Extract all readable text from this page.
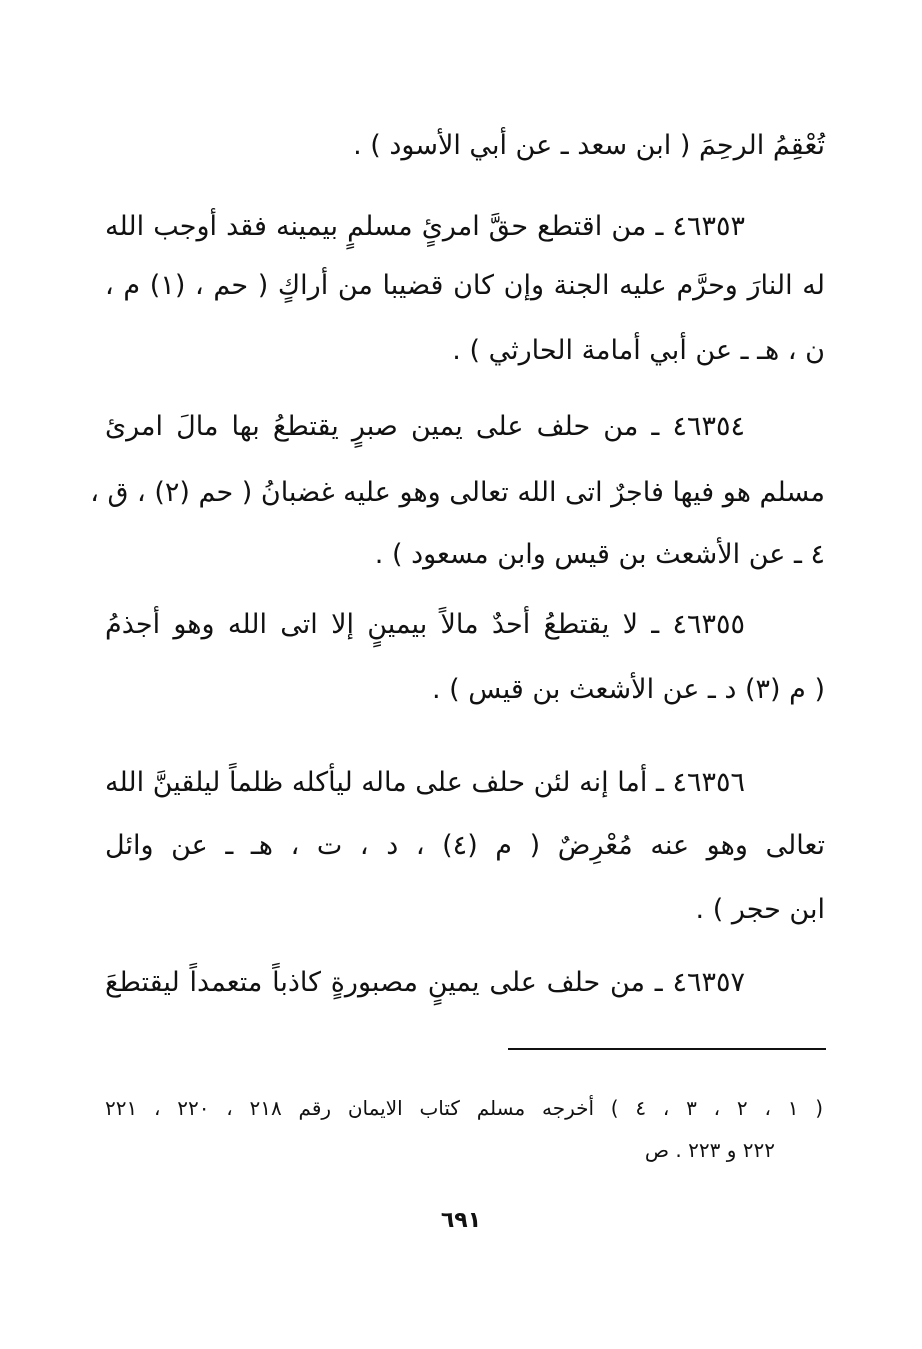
تُعْقِمُ الرحِمَ ( ابن سعد ـ عن أبي الأسود ) .
٤٦٣٥٣ ـ من اقتطع حقَّ امرئٍ مسلمٍ بيمينه فقد أوجب الله
له النارَ وحرَّم عليه الجنة وإن كان قضيبا من أراكٍ ( حم ، (١) م ،
ن ، هـ ـ عن أبي أمامة الحارثي ) .
٤٦٣٥٤ ـ من حلف على يمين صبرٍ يقتطعُ بها مالَ امرئ
مسلم هو فيها فاجرٌ اتى الله تعالى وهو عليه غضبانُ ( حم (٢) ، ق ،
٤ ـ عن الأشعث بن قيس وابن مسعود ) .
٤٦٣٥٥ ـ لا يقتطعُ أحدٌ مالاً بيمينٍ إلا اتى الله وهو أجذمُ
( م (٣) د ـ عن الأشعث بن قيس ) .
٤٦٣٥٦ ـ أما إنه لئن حلف على ماله ليأكله ظلماً ليلقينَّ الله
تعالى وهو عنه مُعْرِضٌ ( م (٤) ، د ، ت ، هـ ـ عن وائل
ابن حجر ) .
٤٦٣٥٧ ـ من حلف على يمينٍ مصبورةٍ كاذباً متعمداً ليقتطعَ
( ١ ، ٢ ، ٣ ، ٤ ) أخرجه مسلم كتاب الايمان رقم ٢١٨ ، ٢٢٠ ، ٢٢١
٢٢٢ و ٢٢٣ . ص
٦٩١
